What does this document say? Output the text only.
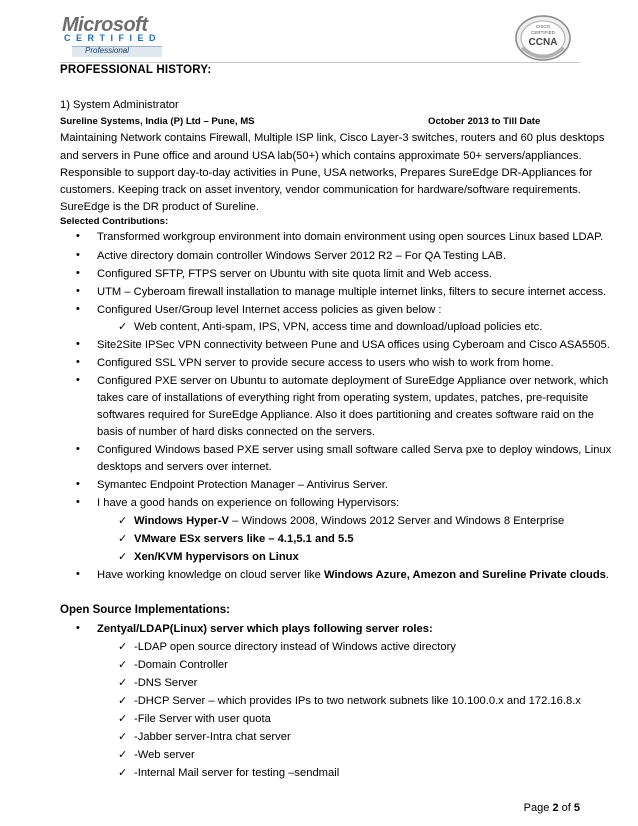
Microsoft
CERTIFIED
Professional
CISCO
CERTIFIED
CCNA
PROFESSIONAL HISTORY:
1) System Administrator
Sureline Systems, India (P) Ltd – Pune, MS	October 2013 to Till Date
Maintaining Network contains Firewall, Multiple ISP link, Cisco Layer-3 switches, routers and 60 plus desktops
and servers in Pune office and around USA lab(50+) which contains approximate 50+ servers/appliances.
Responsible to support day-to-day activities in Pune, USA networks, Prepares SureEdge DR-Appliances for
customers. Keeping track on asset inventory, vendor communication for hardware/software requirements.
SureEdge is the DR product of Sureline.
Selected Contributions:
• Transformed workgroup environment into domain environment using open sources Linux based LDAP.
• Active directory domain controller Windows Server 2012 R2 – For QA Testing LAB.
• Configured SFTP, FTPS server on Ubuntu with site quota limit and Web access.
• UTM – Cyberoam firewall installation to manage multiple internet links, filters to secure internet access.
• Configured User/Group level Internet access policies as given below :
✓ Web content, Anti-spam, IPS, VPN, access time and download/upload policies etc.
• Site2Site IPSec VPN connectivity between Pune and USA offices using Cyberoam and Cisco ASA5505.
• Configured SSL VPN server to provide secure access to users who wish to work from home.
• Configured PXE server on Ubuntu to automate deployment of SureEdge Appliance over network, which
takes care of installations of everything right from operating system, updates, patches, pre-requisite
softwares required for SureEdge Appliance. Also it does partitioning and creates software raid on the
basis of number of hard disks connected on the servers.
• Configured Windows based PXE server using small software called Serva pxe to deploy windows, Linux
desktops and servers over internet.
• Symantec Endpoint Protection Manager – Antivirus Server.
• I have a good hands on experience on following Hypervisors:
✓ Windows Hyper-V – Windows 2008, Windows 2012 Server and Windows 8 Enterprise
✓ VMware ESx servers like – 4.1,5.1 and 5.5
✓ Xen/KVM hypervisors on Linux
• Have working knowledge on cloud server like Windows Azure, Amezon and Sureline Private clouds.
Open Source Implementations:
• Zentyal/LDAP(Linux) server which plays following server roles:
✓ -LDAP open source directory instead of Windows active directory
✓ -Domain Controller
✓ -DNS Server
✓ -DHCP Server – which provides IPs to two network subnets like 10.100.0.x and 172.16.8.x
✓ -File Server with user quota
✓ -Jabber server-Intra chat server
✓ -Web server
✓ -Internal Mail server for testing –sendmail
Page 2 of 5
